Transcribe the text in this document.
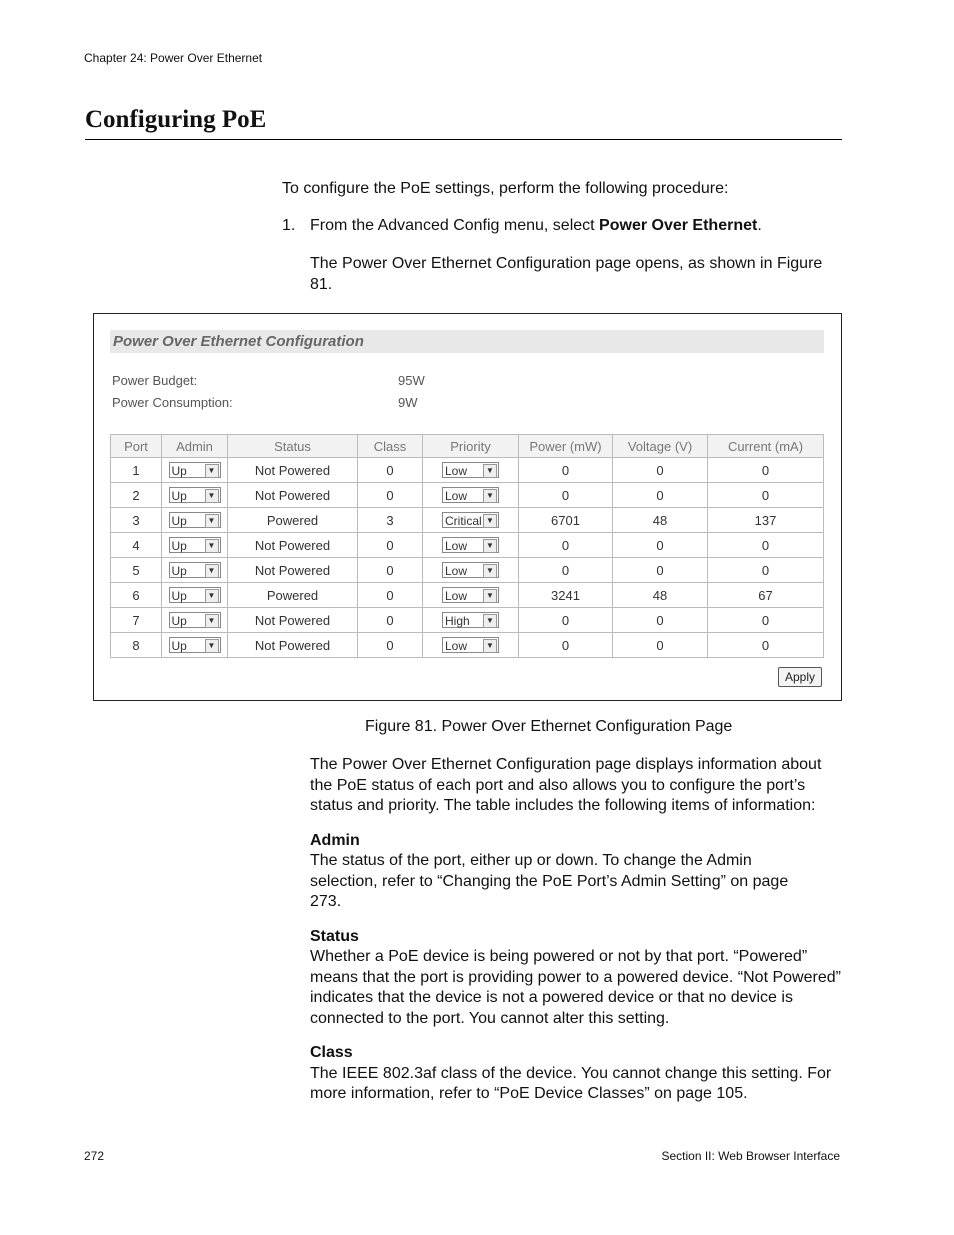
Chapter 24: Power Over Ethernet
Configuring PoE
To configure the PoE settings, perform the following procedure:
1. From the Advanced Config menu, select Power Over Ethernet.
The Power Over Ethernet Configuration page opens, as shown in Figure 81.
Power Over Ethernet Configuration
Power Budget:	95W
Power Consumption:	9W
Port	Admin	Status	Class	Priority	Power (mW)	Voltage (V)	Current (mA)
1	Up ▼	Not Powered	0	Low ▼	0	0	0
2	Up ▼	Not Powered	0	Low ▼	0	0	0
3	Up ▼	Powered	3	Critical ▼	6701	48	137
4	Up ▼	Not Powered	0	Low ▼	0	0	0
5	Up ▼	Not Powered	0	Low ▼	0	0	0
6	Up ▼	Powered	0	Low ▼	3241	48	67
7	Up ▼	Not Powered	0	High ▼	0	0	0
8	Up ▼	Not Powered	0	Low ▼	0	0	0
Apply
Figure 81. Power Over Ethernet Configuration Page
The Power Over Ethernet Configuration page displays information about the PoE status of each port and also allows you to configure the port’s status and priority. The table includes the following items of information:
Admin
The status of the port, either up or down. To change the Admin selection, refer to “Changing the PoE Port’s Admin Setting” on page 273.
Status
Whether a PoE device is being powered or not by that port. “Powered” means that the port is providing power to a powered device. “Not Powered” indicates that the device is not a powered device or that no device is connected to the port. You cannot alter this setting.
Class
The IEEE 802.3af class of the device. You cannot change this setting. For more information, refer to “PoE Device Classes” on page 105.
272	Section II: Web Browser Interface
